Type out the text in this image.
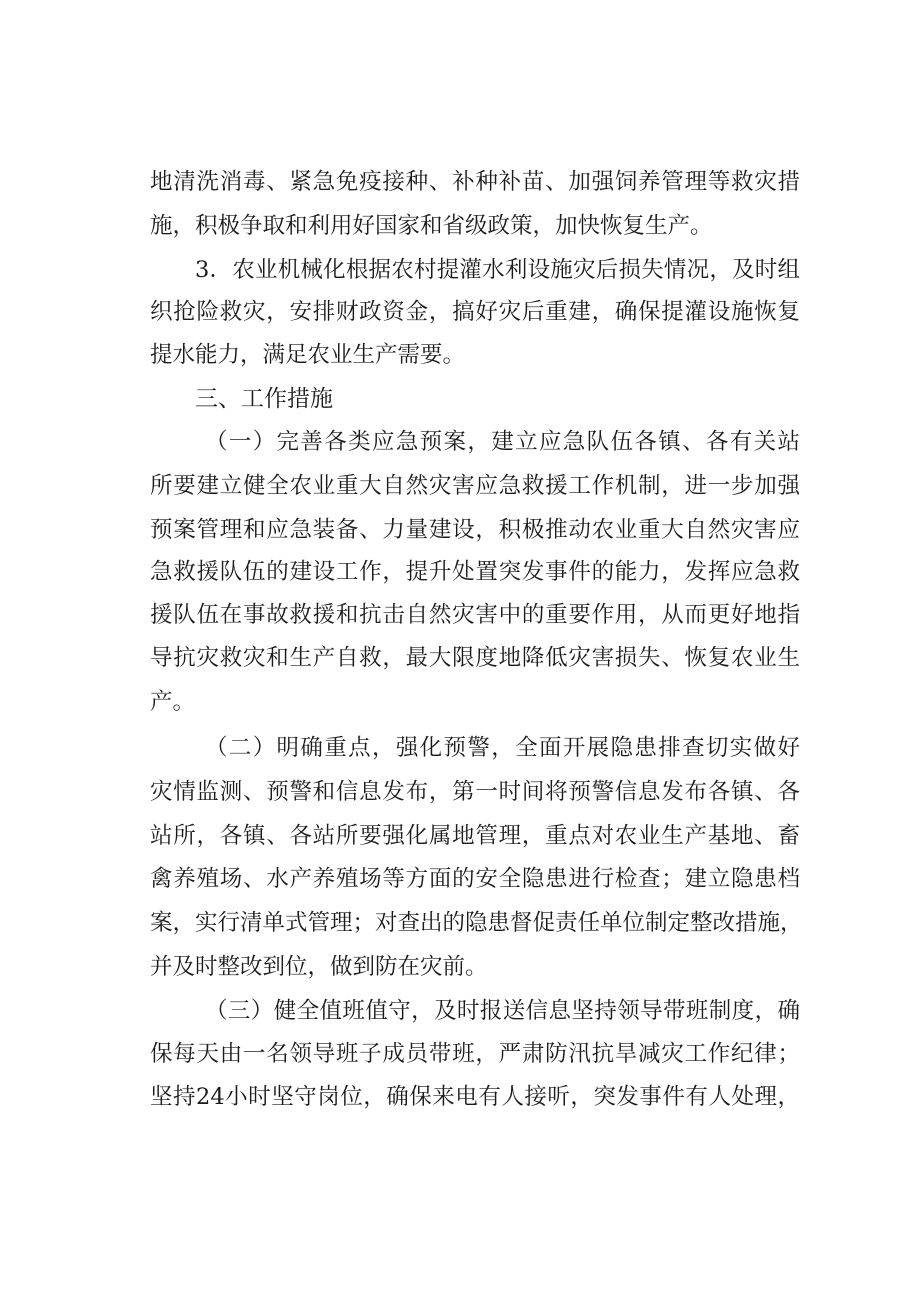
地清洗消毒、紧急免疫接种、补种补苗、加强饲养管理等救灾措
施，积极争取和利用好国家和省级政策，加快恢复生产。
3．农业机械化根据农村提灌水利设施灾后损失情况，及时组
织抢险救灾，安排财政资金，搞好灾后重建，确保提灌设施恢复
提水能力，满足农业生产需要。
三、工作措施
（一）完善各类应急预案，建立应急队伍各镇、各有关站
所要建立健全农业重大自然灾害应急救援工作机制，进一步加强
预案管理和应急装备、力量建设，积极推动农业重大自然灾害应
急救援队伍的建设工作，提升处置突发事件的能力，发挥应急救
援队伍在事故救援和抗击自然灾害中的重要作用，从而更好地指
导抗灾救灾和生产自救，最大限度地降低灾害损失、恢复农业生
产。
（二）明确重点，强化预警，全面开展隐患排查切实做好
灾情监测、预警和信息发布，第一时间将预警信息发布各镇、各
站所，各镇、各站所要强化属地管理，重点对农业生产基地、畜
禽养殖场、水产养殖场等方面的安全隐患进行检查；建立隐患档
案，实行清单式管理；对查出的隐患督促责任单位制定整改措施，
并及时整改到位，做到防在灾前。
（三）健全值班值守，及时报送信息坚持领导带班制度，确
保每天由一名领导班子成员带班，严肃防汛抗旱减灾工作纪律；
坚持24小时坚守岗位，确保来电有人接听，突发事件有人处理，
